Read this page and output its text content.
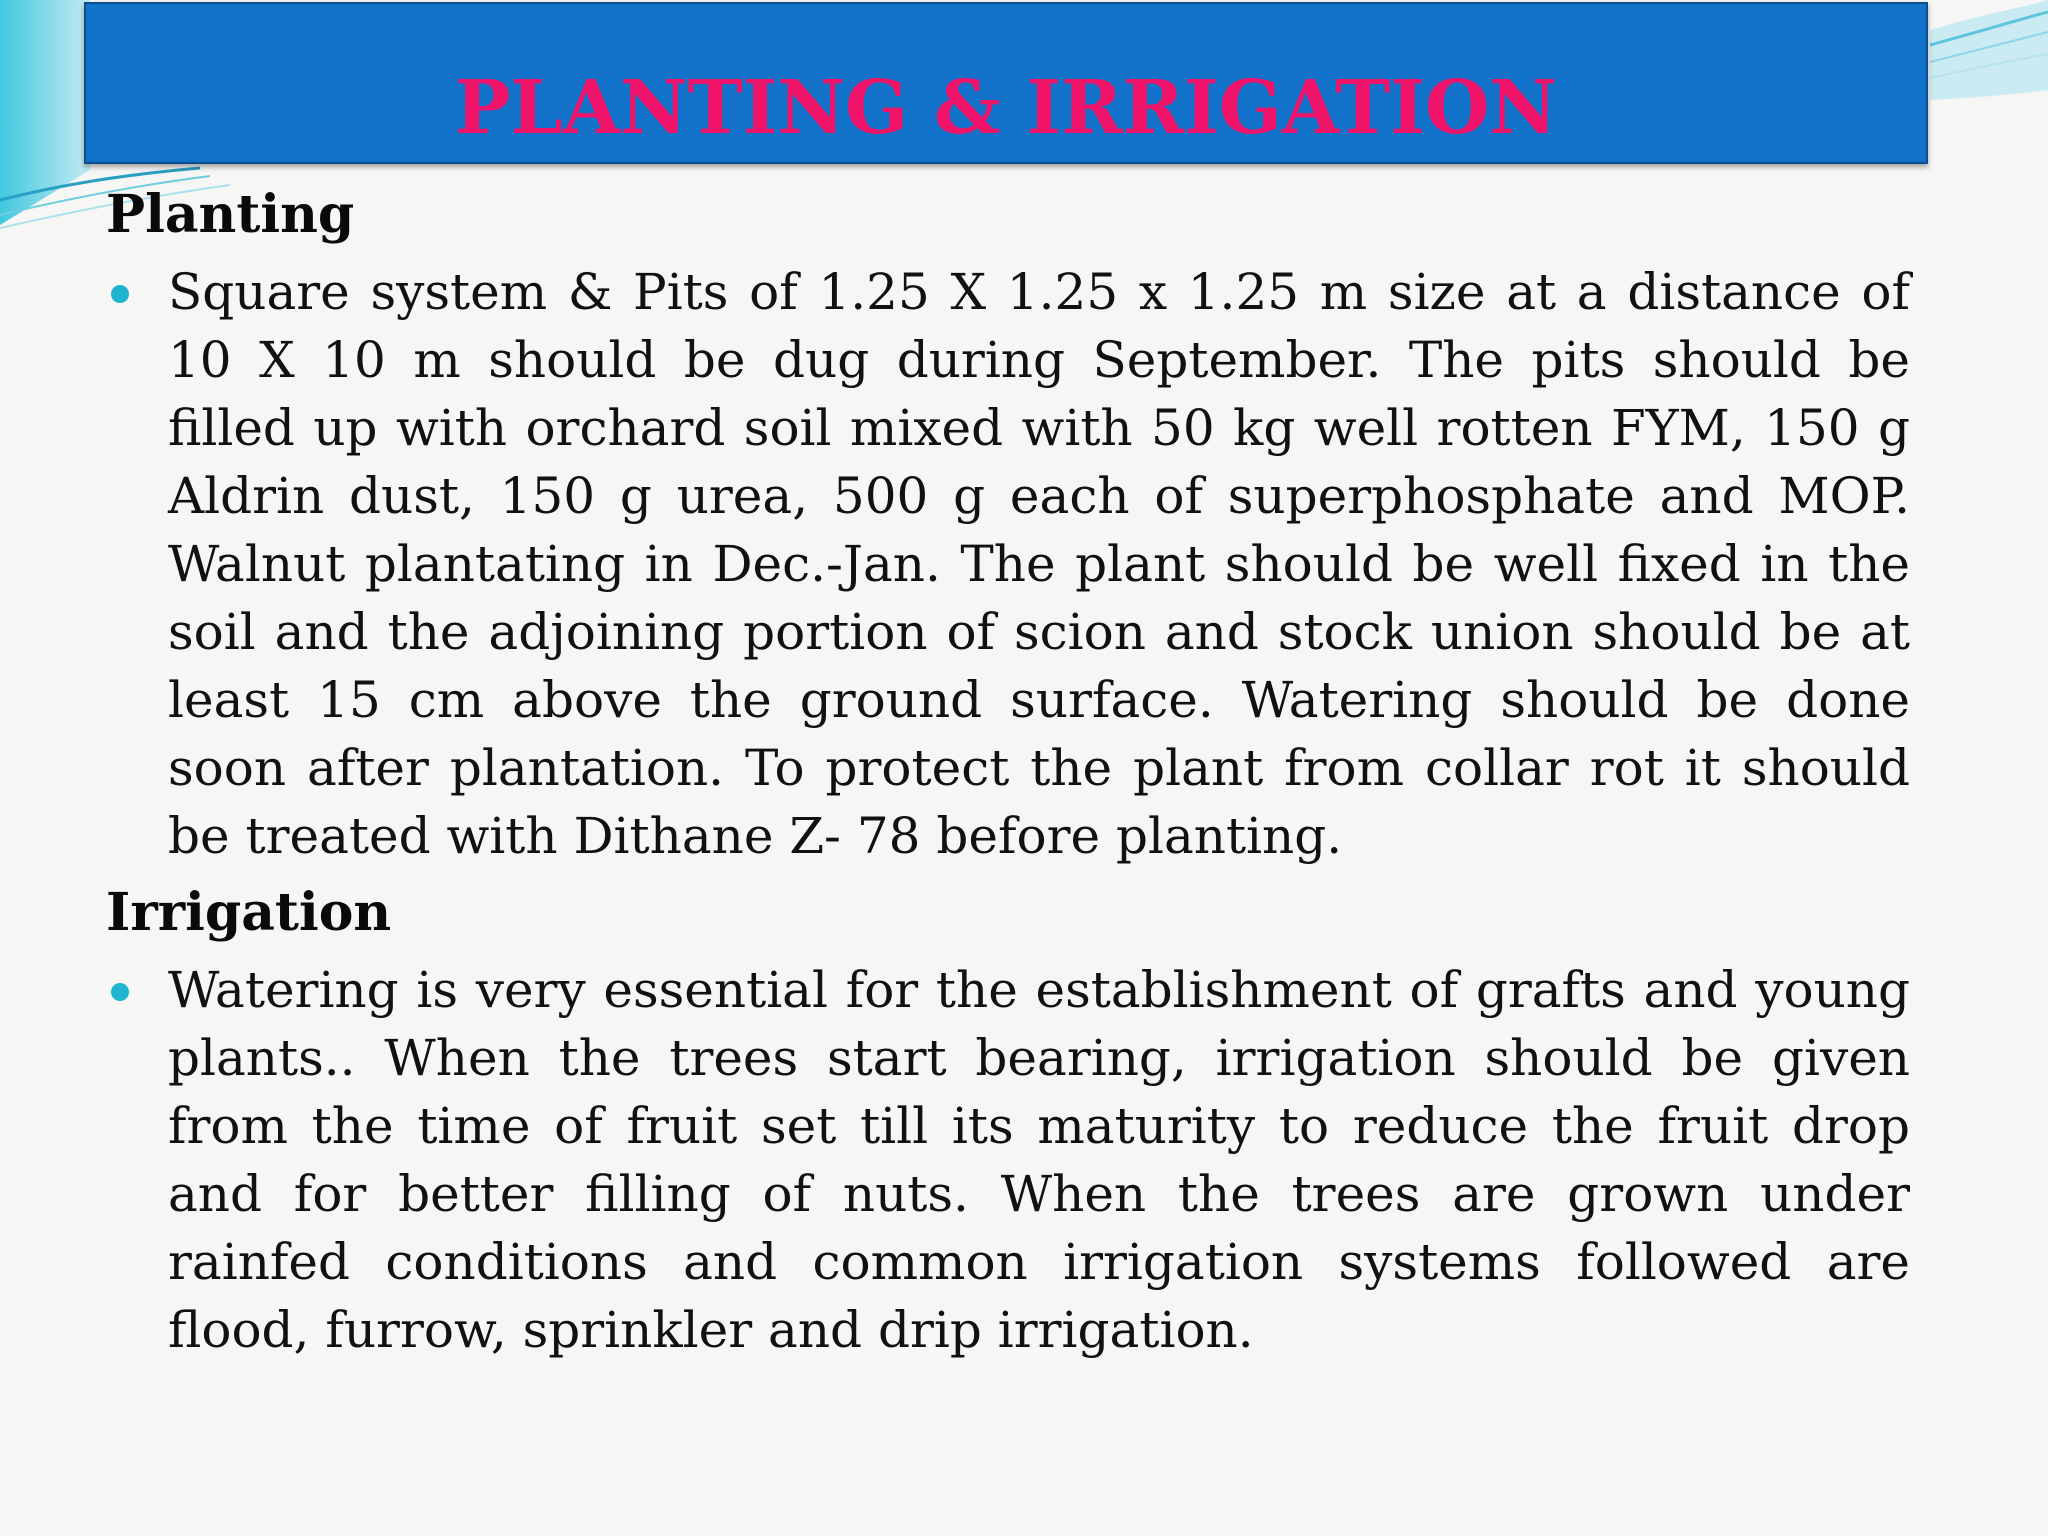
PLANTING & IRRIGATION
Planting

Square system & Pits of 1.25 X 1.25 x 1.25 m size at a distance of 10 X 10 m should be dug during September. The pits should be filled up with orchard soil mixed with 50 kg well rotten FYM, 150 g Aldrin dust, 150 g urea, 500 g each of superphosphate and MOP. Walnut plantating in Dec.-Jan. The plant should be well fixed in the soil and the adjoining portion of scion and stock union should be at least 15 cm above the ground surface. Watering should be done soon after plantation. To protect the plant from collar rot it should be treated with Dithane Z- 78 before planting.

Irrigation

Watering is very essential for the establishment of grafts and young plants.. When the trees start bearing, irrigation should be given from the time of fruit set till its maturity to reduce the fruit drop and for better filling of nuts. When the trees are grown under rainfed conditions and common irrigation systems followed are flood, furrow, sprinkler and drip irrigation.
